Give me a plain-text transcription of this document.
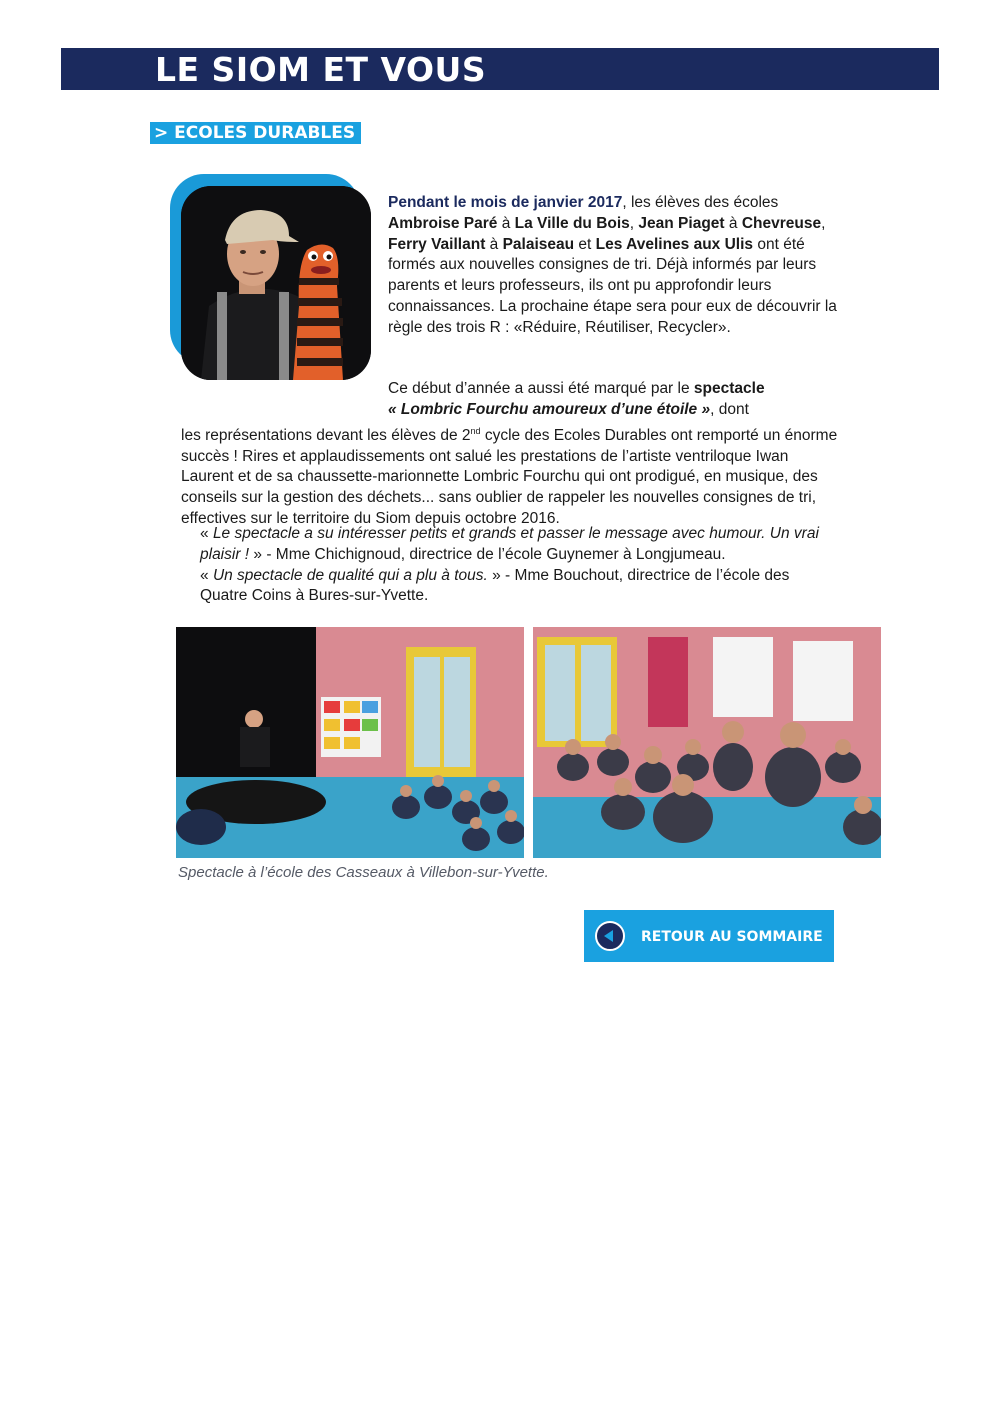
LE SIOM ET VOUS
> ECOLES DURABLES
Pendant le mois de janvier 2017, les élèves des écoles
Ambroise Paré à La Ville du Bois, Jean Piaget à Chevreuse,
Ferry Vaillant à Palaiseau et Les Avelines aux Ulis ont été formés aux nouvelles consignes de tri. Déjà informés par leurs parents et leurs professeurs, ils ont pu approfondir leurs connaissances. La prochaine étape sera pour eux de découvrir la règle des trois R : «Réduire, Réutiliser, Recycler».
Ce début d’année a aussi été marqué par le spectacle
« Lombric Fourchu amoureux d’une étoile », dont
les représentations devant les élèves de 2nd cycle des Ecoles Durables ont remporté un énorme succès ! Rires et applaudissements ont salué les prestations de l’artiste ventriloque Iwan Laurent et de sa chaussette-marionnette Lombric Fourchu qui ont prodigué, en musique, des conseils sur la gestion des déchets... sans oublier de rappeler les nouvelles consignes de tri, effectives sur le territoire du Siom depuis octobre 2016.
« Le spectacle a su intéresser petits et grands et passer le message avec humour. Un vrai plaisir ! » - Mme Chichignoud, directrice de l’école Guynemer à Longjumeau.
« Un spectacle de qualité qui a plu à tous. » - Mme Bouchout, directrice de l’école des Quatre Coins à Bures-sur-Yvette.
Spectacle à l’école des Casseaux à Villebon-sur-Yvette.
RETOUR AU SOMMAIRE
